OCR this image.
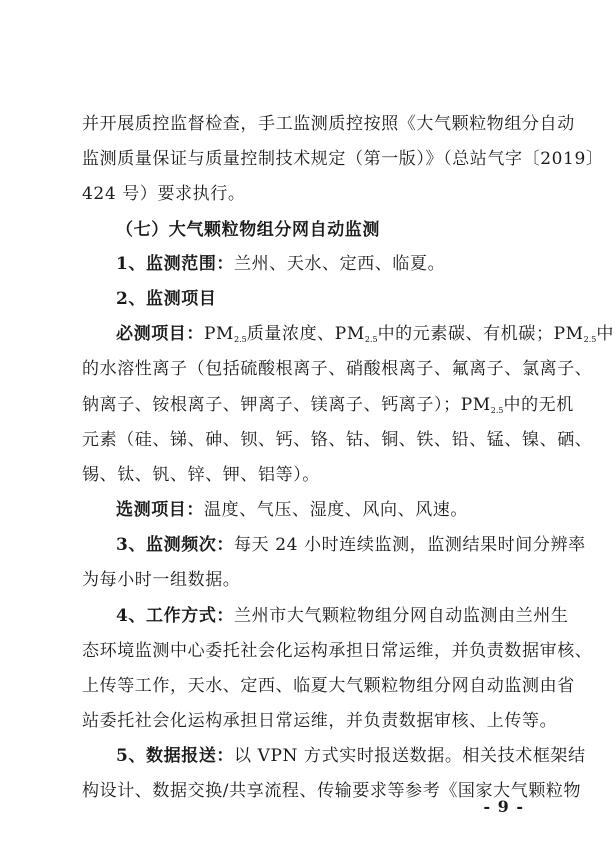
并开展质控监督检查，手工监测质控按照《大气颗粒物组分自动
监测质量保证与质量控制技术规定（第一版）》（总站气字〔2019〕
424 号）要求执行。
（七）大气颗粒物组分网自动监测
1、监测范围：兰州、天水、定西、临夏。
2、监测项目
必测项目：$PM_{2.5}$质量浓度、$PM_{2.5}$中的元素碳、有机碳；$PM_{2.5}$中
的水溶性离子（包括硫酸根离子、硝酸根离子、氟离子、氯离子、
钠离子、铵根离子、钾离子、镁离子、钙离子）；$PM_{2.5}$中的无机
元素（硅、锑、砷、钡、钙、铬、钴、铜、铁、铅、锰、镍、硒、
锡、钛、钒、锌、钾、铝等）。
选测项目：温度、气压、湿度、风向、风速。
3、监测频次：每天 24 小时连续监测，监测结果时间分辨率
为每小时一组数据。
4、工作方式：兰州市大气颗粒物组分网自动监测由兰州生
态环境监测中心委托社会化运构承担日常运维，并负责数据审核、
上传等工作，天水、定西、临夏大气颗粒物组分网自动监测由省
站委托社会化运构承担日常运维，并负责数据审核、上传等。
5、数据报送：以 VPN 方式实时报送数据。相关技术框架结
构设计、数据交换/共享流程、传输要求等参考《国家大气颗粒物
- 9 -
